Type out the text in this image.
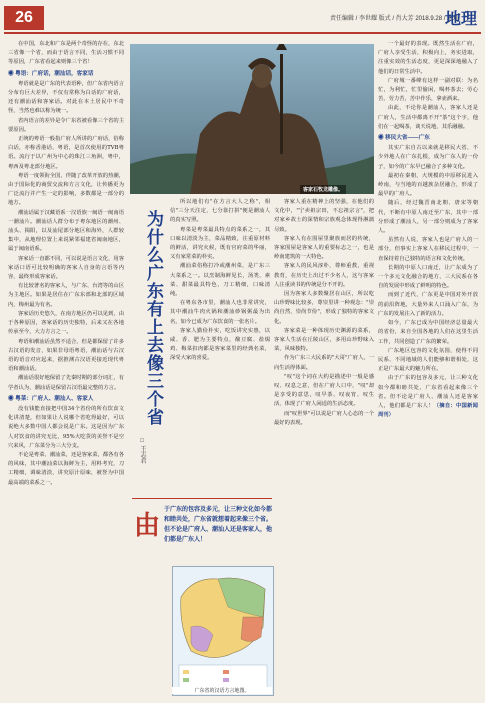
26	责任编辑 / 李世耀 版式 / 肖大芳 2018.9.28 / 地理
地理

在中国，东北和广东是两个奇怪的存在，东北三省像一个省，而由于语言不同，生活习惯不同等原因，广东省看起来则像三个省！

◉ 粤语：广府话，潮汕话，客家话

粤语就是是广东的代表语种，但广东省内语言分布有巨大差异，不仅有常称为白话的广府话，还有潮汕话和客家话。对此在本土居民中不奇怪，当然也难以称为统一。

省内语言的差异是令广东省被看像三个省的主要原因。

正统的粤语一般指广府人所讲的广府话，俗称白话，亦称香港话、粤语，是首次使用的TVB粤语。流行于以广州为中心的珠江三角洲，粤中，粤西及粤北部分地区。

粤语一度领衔全国，伴随了改革开放的热潮，由于国际化的商贸交流和方言文化，让传播更为广泛流行并产生一定的影响，多数都是一部分的地方。

潮汕话属于汉藏语系一汉语族一闽语一闽南语一潮汕片。潮汕话人群分布于粤东地区的潮州、汕头、揭阳，以及汕尾部分地区和海外，人群较集中，从地理位置上来说紧邻福建省闽南地区，属于闽南语系。

客家话一直都不同，可以说是语言文化，用客家话口语可比较明确的客家人自身的言语等内容，最终形成客家话。

有比较著名的客家人，与广东、台湾等的山区为主地区。如果是居住在广东东部和北部的区域内，梅州最为有名。

客家话历史悠久，在南方地区仍可以见到，由于各种原因，客家话的历史独特，后来又在各地传承至今，大力方言之一。

粤语和潮汕话虽然不适合，但是都保留了许多古汉语的发音，如果非母语粤语，潮汕话与古汉语的语音对应起来，据推测古汉语更接近现代粤语和潮汕话。

潮汕话很好地保留了先秦时期的部分词汇，有学者认为，潮汕话是保留古汉语最完整的方言。

◉ 粤菜：广府人、潮汕人、客家人

没有钱能直接把中国34个省份的所有饮食文化讲清楚，但如果让人说哪个省吃得最好，可以说绝大多数中国人都会说是广东。这是因为广东人对饮食的讲究无比，95%大吃货的美誉不是空穴来风，广东菜分为三大分支。

不论是粤菜、潮汕菜，还是客家菜，都各有各的风味，其中潮汕菜以海鲜为主，用料考究，刀工精细，调味清淡，讲究原汁原味，被誉为中国最高端的菜系之一。

客家石牧龙雕像。
为什么广东有上去像三个省
□ 王志君

所以地们有"在方言大人之称"，相信"三分天注定，七分靠打拼"便是潮汕人的真实写照。

粤菜是粤菜最具特点的菜系之一，其口味以清淡为主，菜品精致，注重原材料的鲜活，讲究火候，既有官府菜的华丽，又有家常菜的朴实。

潮汕菜俗称打冷或潮州菜，是广东三大菜系之一。以烹制海鲜见长，汤类、素菜、甜菜最具特色，刀工精细，口味清纯。

在粤东各市里，潮汕人也非常讲究，其中潮汕牛肉火锅和潮汕砂锅粥最为出名，如今已成为广东饮食的一张名片。

客家人勤俭朴实，吃饭讲究实惠，以咸、香、肥为主要特点，酿豆腐、盐焗鸡、梅菜扣肉都是客家菜里的经典名菜，深受大家的喜爱。

客家人重在精神上的坚强，在他们的文化中，"宁卖祖宗田，不忘祖宗言"，把对家乡故土的深情和宗族观念体现得淋漓尽致。

客家人有在围屋里聚族而居的传统，客家围屋是客家人的重要标志之一，也是岭南建筑的一大特色。

客家人的民风淳朴，尊师重教，重视教育，在历史上出过不少名人，这与客家人注重读书的传统是分不开的。

因为客家人多数聚居在山区，所以吃山珍野味比较多，尊崇里讲一种观念："崇尚自然，崇尚节俭"，形成了独特的客家文化。

客家菜是一种体现历史渊源的菜系，客家人生活在丘陵山区，多用山珍野味入菜，风味独特。

作为广东三大民系的"大哥"广府人，一向生活得体面。

"叹"这个词在大约是描述中一般是感叹、叹息之意，但在广府人口中，"叹"却是享受的意思，叹早茶、叹夜宵、叹生活，体现了广府人闲适的生活态度。

而"叹世界"可以说是广府人心态的一个最好的表现。

一个最好的表现。既然生活在广府，广府人享受生活，积极向上，务实进取，注重实效的生活态度，更是深深地融入了他们的日常生活中。

广府城一番峰有这样一副对联：为名忙，为利忙，忙里偷闲，喝杯茶去；劳心苦，劳力苦，苦中作乐，拿壶酒来。

由此，不论你是潮汕人，客家人还是广府人，生活中都离不开"茶"这个字，他们在一起喝茶，谈天说地，其乐融融。

◉ 移民大省——广东

其实广东自古以来就是移民大省，不少外地人在广东扎根，成为广东人的一份子，如今的广东早已融合了多种文化。

最初在秦朝，大规模的中原移民进入岭南，与当地的百越族杂居融合，形成了最早的广府人。

随后，经过魏晋南北朝、唐宋等朝代，不断有中原人南迁至广东，其中一部分形成了潮汕人，另一部分则成为了客家人。

虽然有人说，客家人也是广府人的一部分，但事实上客家人在移民过程中，一直保持着自己独特的语言和文化传统。

长期的中原人口南迁，让广东成为了一个多元文化融合的地方，三大民系在各自的发展中形成了鲜明的特色。

而到了近代，广东更是中国对外开放的前沿阵地，大量外来人口涌入广东，为广东的发展注入了新的活力。

如今，广东已成为中国经济总量最大的省份，来自全国各地的人们在这里生活工作，共同创造了广东的繁荣。

广东地区包容的文化氛围，使得不同民系、不同地域的人们能够和谐相处，这正是广东最大的魅力所在。

由于广东的包容及多元，让三种文化如今都和睦共处，广东省看起来像三个省。但不论是广府人、潮汕人还是客家人，他们都是广东人！（摘自：中国新闻周刊）

由
于广东的包容及多元，让三种文化如今都和睦共处，广东省就想着起来像三个省。但不论是广府人、潮汕人还是客家人，他们都是广东人！
广东省的汉语方言地图。
